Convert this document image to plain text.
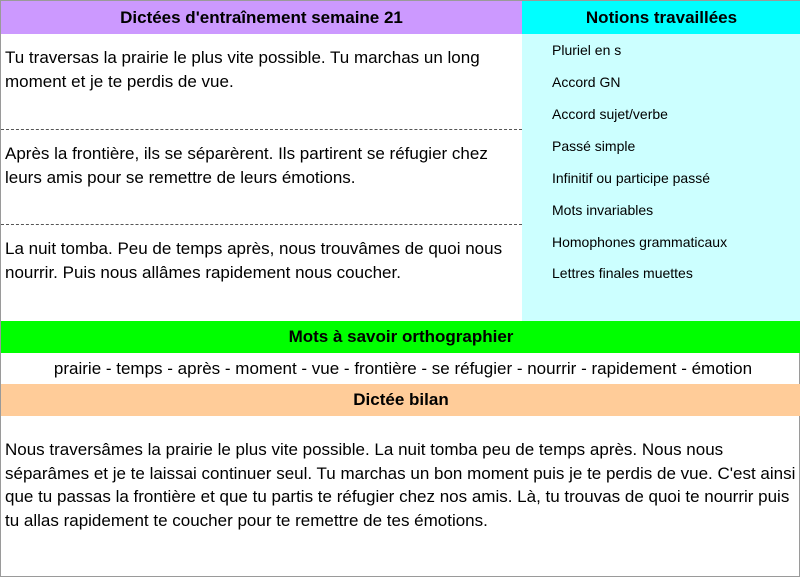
Dictées d'entraînement semaine 21	Notions travaillées
Tu traversas la prairie le plus vite possible. Tu marchas un long moment et je te perdis de vue.
Après la frontière, ils se séparèrent. Ils partirent se réfugier chez leurs amis pour se remettre de leurs émotions.
La nuit tomba. Peu de temps après, nous trouvâmes de quoi nous nourrir. Puis nous allâmes rapidement nous coucher.
Pluriel en s
Accord GN
Accord sujet/verbe
Passé simple
Infinitif ou participe passé
Mots invariables
Homophones grammaticaux
Lettres finales muettes
Mots à savoir orthographier
prairie - temps - après - moment - vue - frontière - se réfugier - nourrir - rapidement - émotion
Dictée bilan
Nous traversâmes la prairie le plus vite possible. La nuit tomba peu de temps après. Nous nous séparâmes et je te laissai continuer seul. Tu marchas un bon moment puis je te perdis de vue. C'est ainsi que tu passas la frontière et que tu partis te réfugier chez nos amis. Là, tu trouvas de quoi te nourrir puis tu allas rapidement te coucher pour te remettre de tes émotions.
